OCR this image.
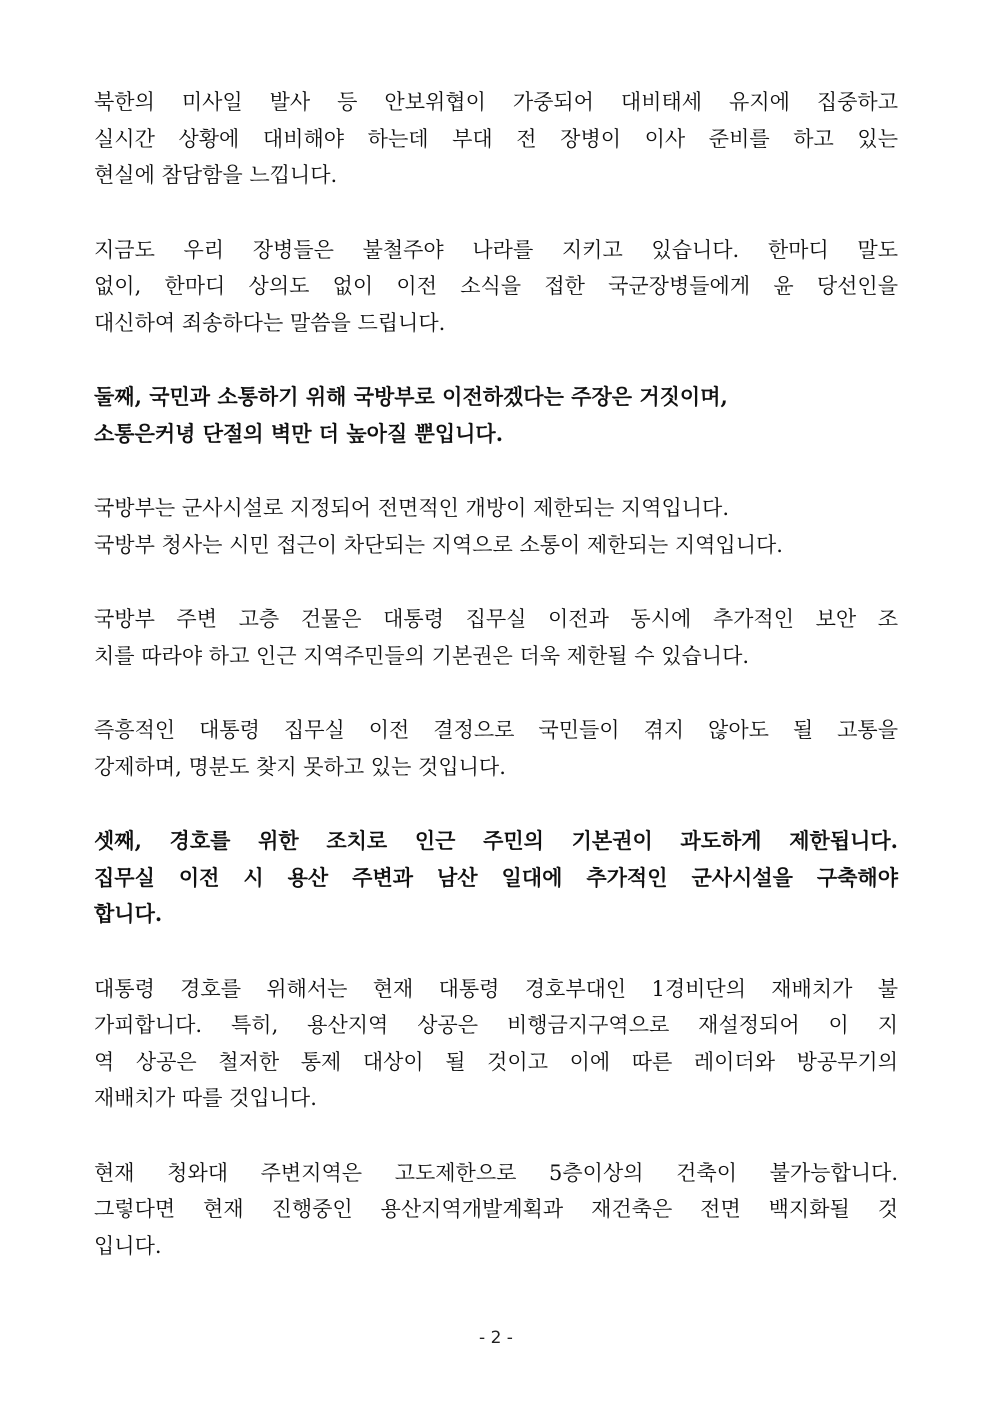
북한의 미사일 발사 등 안보위협이 가중되어 대비태세 유지에 집중하고
실시간 상황에 대비해야 하는데 부대 전 장병이 이사 준비를 하고 있는
현실에 참담함을 느낍니다.
지금도 우리 장병들은 불철주야 나라를 지키고 있습니다. 한마디 말도
없이, 한마디 상의도 없이 이전 소식을 접한 국군장병들에게 윤 당선인을
대신하여 죄송하다는 말씀을 드립니다.
둘째, 국민과 소통하기 위해 국방부로 이전하겠다는 주장은 거짓이며,
소통은커녕 단절의 벽만 더 높아질 뿐입니다.
국방부는 군사시설로 지정되어 전면적인 개방이 제한되는 지역입니다.
국방부 청사는 시민 접근이 차단되는 지역으로 소통이 제한되는 지역입니다.
국방부 주변 고층 건물은 대통령 집무실 이전과 동시에 추가적인 보안 조
치를 따라야 하고 인근 지역주민들의 기본권은 더욱 제한될 수 있습니다.
즉흥적인 대통령 집무실 이전 결정으로 국민들이 겪지 않아도 될 고통을
강제하며, 명분도 찾지 못하고 있는 것입니다.
셋째, 경호를 위한 조치로 인근 주민의 기본권이 과도하게 제한됩니다.
집무실 이전 시 용산 주변과 남산 일대에 추가적인 군사시설을 구축해야
합니다.
대통령 경호를 위해서는 현재 대통령 경호부대인 1경비단의 재배치가 불
가피합니다. 특히, 용산지역 상공은 비행금지구역으로 재설정되어 이 지
역 상공은 철저한 통제 대상이 될 것이고 이에 따른 레이더와 방공무기의
재배치가 따를 것입니다.
현재 청와대 주변지역은 고도제한으로 5층이상의 건축이 불가능합니다.
그렇다면 현재 진행중인 용산지역개발계획과 재건축은 전면 백지화될 것
입니다.
- 2 -
